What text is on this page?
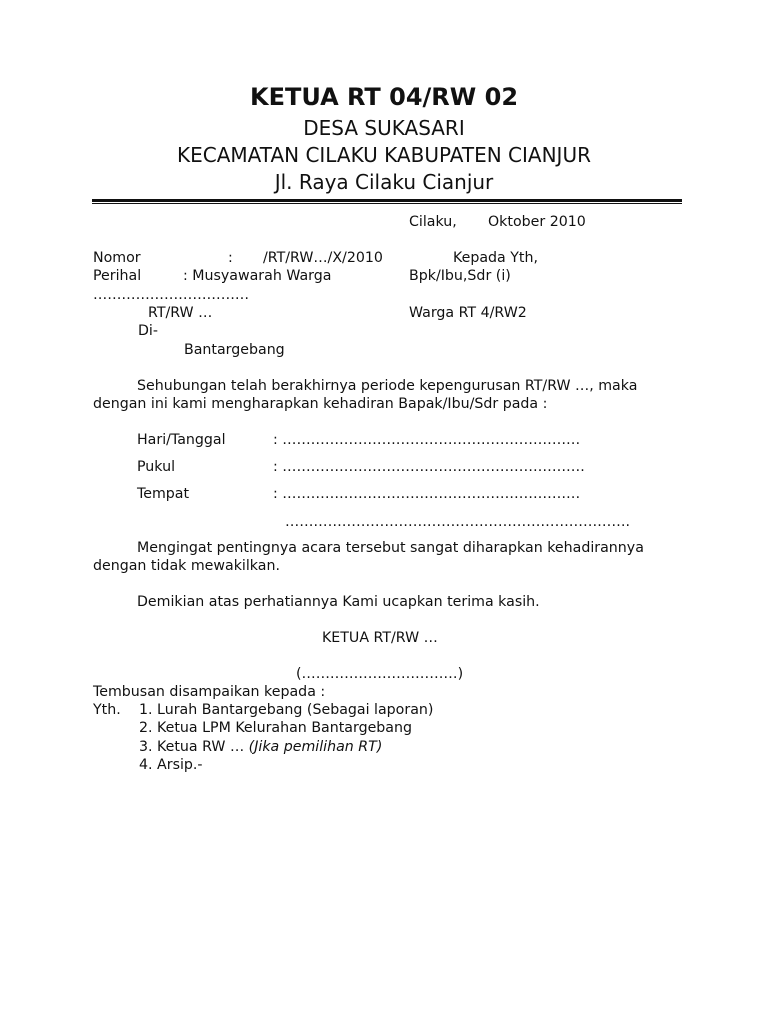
KETUA RT 04/RW 02
DESA SUKASARI
KECAMATAN CILAKU KABUPATEN CIANJUR
Jl. Raya Cilaku Cianjur
Cilaku, Oktober 2010
Nomor	: /RT/RW…/X/2010	Kepada Yth,
Perihal	: Musyawarah Warga	Bpk/Ibu,Sdr (i)
……………………………
RT/RW …	Warga RT 4/RW2
Di-
Bantargebang
Sehubungan telah berakhirnya periode kepengurusan RT/RW …, maka
dengan ini kami mengharapkan kehadiran Bapak/Ibu/Sdr pada :
Hari/Tanggal	: ………………………………………………………
Pukul	: ……………………………………………………….
Tempat	: ………………………………………………………
……………………………………………………………….
Mengingat pentingnya acara tersebut sangat diharapkan kehadirannya
dengan tidak mewakilkan.
Demikian atas perhatiannya Kami ucapkan terima kasih.
KETUA RT/RW …
(……………………………)
Tembusan disampaikan kepada :
Yth. 1. Lurah Bantargebang (Sebagai laporan)
2. Ketua LPM Kelurahan Bantargebang
3. Ketua RW … (Jika pemilihan RT)
4. Arsip.-
